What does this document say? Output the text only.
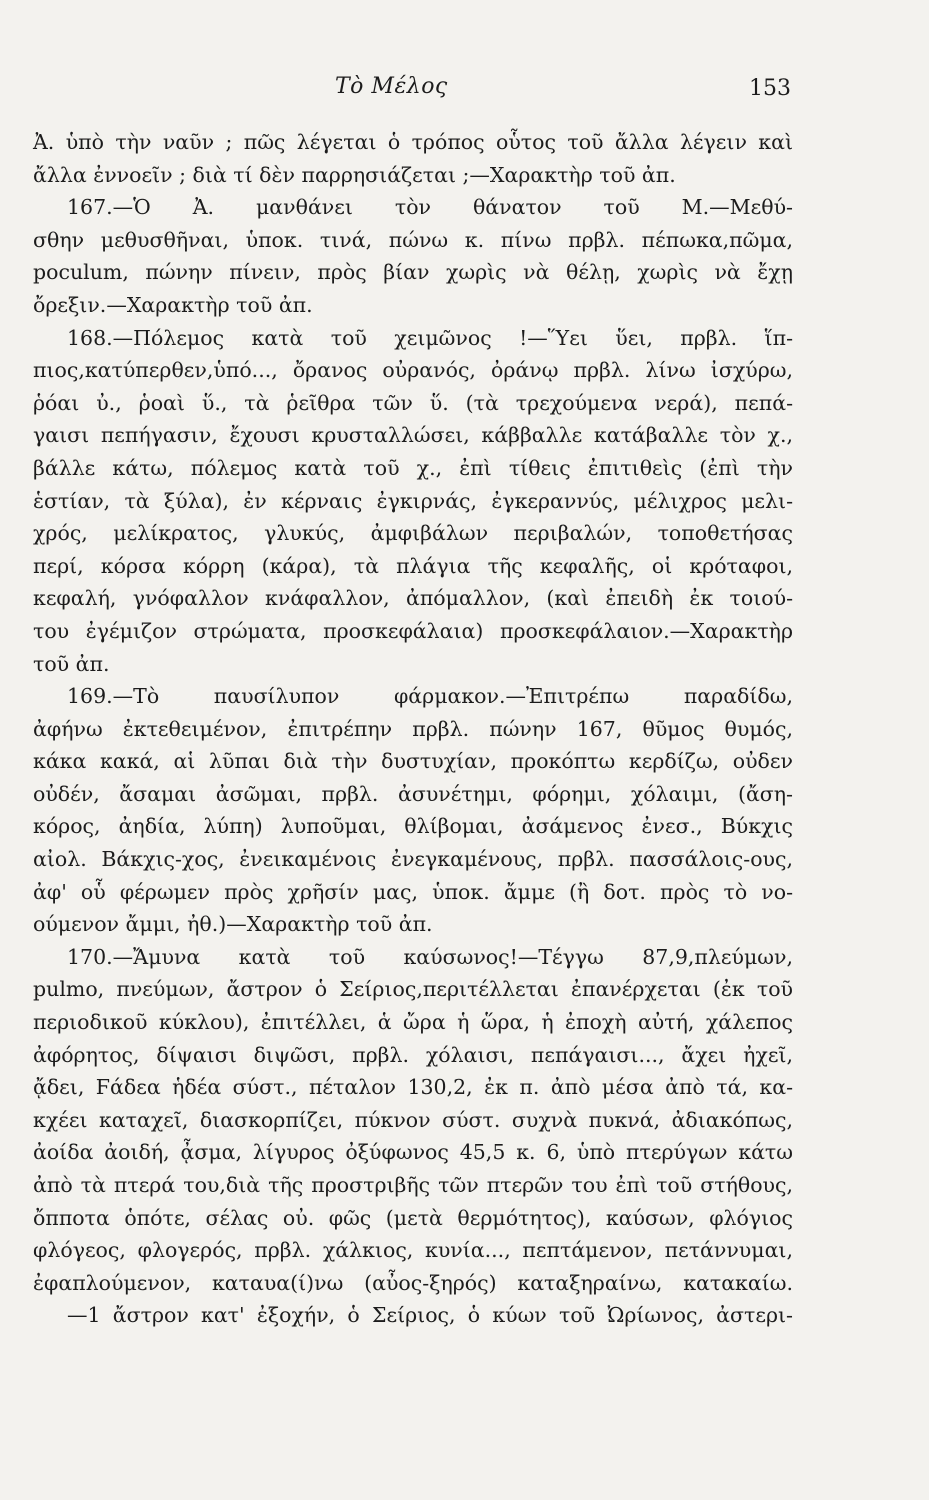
Τὸ Μέλος	153
Ἀ. ὑπὸ τὴν ναῦν ; πῶς λέγεται ὁ τρόπος οὗτος τοῦ ἄλλα λέγειν καὶ
ἄλλα ἐννοεῖν ; διὰ τί δὲν παρρησιάζεται ;—Χαρακτὴρ τοῦ ἀπ.
167.—Ὁ Ἀ. μανθάνει τὸν θάνατον τοῦ Μ.—Μεθύ-
σθην μεθυσθῆναι, ὑποκ. τινά, πώνω κ. πίνω πρβλ. πέπωκα,πῶμα,
poculum, πώνην πίνειν, πρὸς βίαν χωρὶς νὰ θέλῃ, χωρὶς νὰ ἔχῃ
ὄρεξιν.—Χαρακτὴρ τοῦ ἀπ.
168.—Πόλεμος κατὰ τοῦ χειμῶνος !—Ὕει ὕει, πρβλ. ἵπ-
πιος,κατύπερθεν,ὑπό..., ὄρανος οὐρανός, ὀράνῳ πρβλ. λίνω ἰσχύρω,
ῥόαι ὐ., ῥοαὶ ὕ., τὰ ῥεῖθρα τῶν ὕ. (τὰ τρεχούμενα νερά), πεπά-
γαισι πεπήγασιν, ἔχουσι κρυσταλλώσει, κάββαλλε κατάβαλλε τὸν χ.,
βάλλε κάτω, πόλεμος κατὰ τοῦ χ., ἐπὶ τίθεις ἐπιτιθεὶς (ἐπὶ τὴν
ἑστίαν, τὰ ξύλα), ἐν κέρναις ἐγκιρνάς, ἐγκεραννύς, μέλιχρος μελι-
χρός, μελίκρατος, γλυκύς, ἀμφιβάλων περιβαλών, τοποθετήσας
περί, κόρσα κόρρη (κάρα), τὰ πλάγια τῆς κεφαλῆς, οἱ κρόταφοι,
κεφαλή, γνόφαλλον κνάφαλλον, ἀπόμαλλον, (καὶ ἐπειδὴ ἐκ τοιού-
του ἐγέμιζον στρώματα, προσκεφάλαια) προσκεφάλαιον.—Χαρακτὴρ
τοῦ ἀπ.
169.—Τὸ παυσίλυπον φάρμακον.—Ἐπιτρέπω παραδίδω,
ἀφήνω ἐκτεθειμένον, ἐπιτρέπην πρβλ. πώνην 167, θῦμος θυμός,
κάκα κακά, αἱ λῦπαι διὰ τὴν δυστυχίαν, προκόπτω κερδίζω, οὐδεν
οὐδέν, ἄσαμαι ἀσῶμαι, πρβλ. ἀσυνέτημι, φόρημι, χόλαιμι, (ἄση-
κόρος, ἀηδία, λύπη) λυποῦμαι, θλίβομαι, ἀσάμενος ἐνεσ., Βύκχις
αἰολ. Βάκχις-χος, ἐνεικαμένοις ἐνεγκαμένους, πρβλ. πασσάλοις-ους,
ἀφ' οὗ φέρωμεν πρὸς χρῆσίν μας, ὑποκ. ἄμμε (ἢ δοτ. πρὸς τὸ νο-
ούμενον ἄμμι, ἠθ.)—Χαρακτὴρ τοῦ ἀπ.
170.—Ἄμυνα κατὰ τοῦ καύσωνος!—Τέγγω 87,9,πλεύμων,
pulmo, πνεύμων, ἄστρον ὁ Σείριος,περιτέλλεται ἐπανέρχεται (ἐκ τοῦ
περιοδικοῦ κύκλου), ἐπιτέλλει, ἁ ὤρα ἡ ὥρα, ἡ ἐποχὴ αὐτή, χάλεπος
ἀφόρητος, δίψαισι διψῶσι, πρβλ. χόλαισι, πεπάγαισι..., ἄχει ἠχεῖ,
ᾄδει, Ϝάδεα ἡδέα σύστ., πέταλον 130,2, ἐκ π. ἀπὸ μέσα ἀπὸ τά, κα-
κχέει καταχεῖ, διασκορπίζει, πύκνον σύστ. συχνὰ πυκνά, ἀδιακόπως,
ἀοίδα ἀοιδή, ᾆσμα, λίγυρος ὀξύφωνος 45,5 κ. 6, ὑπὸ πτερύγων κάτω
ἀπὸ τὰ πτερά του,διὰ τῆς προστριβῆς τῶν πτερῶν του ἐπὶ τοῦ στήθους,
ὄπποτα ὁπότε, σέλας οὐ. φῶς (μετὰ θερμότητος), καύσων, φλόγιος
φλόγεος, φλογερός, πρβλ. χάλκιος, κυνία..., πεπτάμενον, πετάννυμαι,
ἐφαπλούμενον, καταυα(ί)νω (αὖος-ξηρός) καταξηραίνω, κατακαίω.
—1 ἄστρον κατ' ἐξοχήν, ὁ Σείριος, ὁ κύων τοῦ Ὠρίωνος, ἀστερι-
